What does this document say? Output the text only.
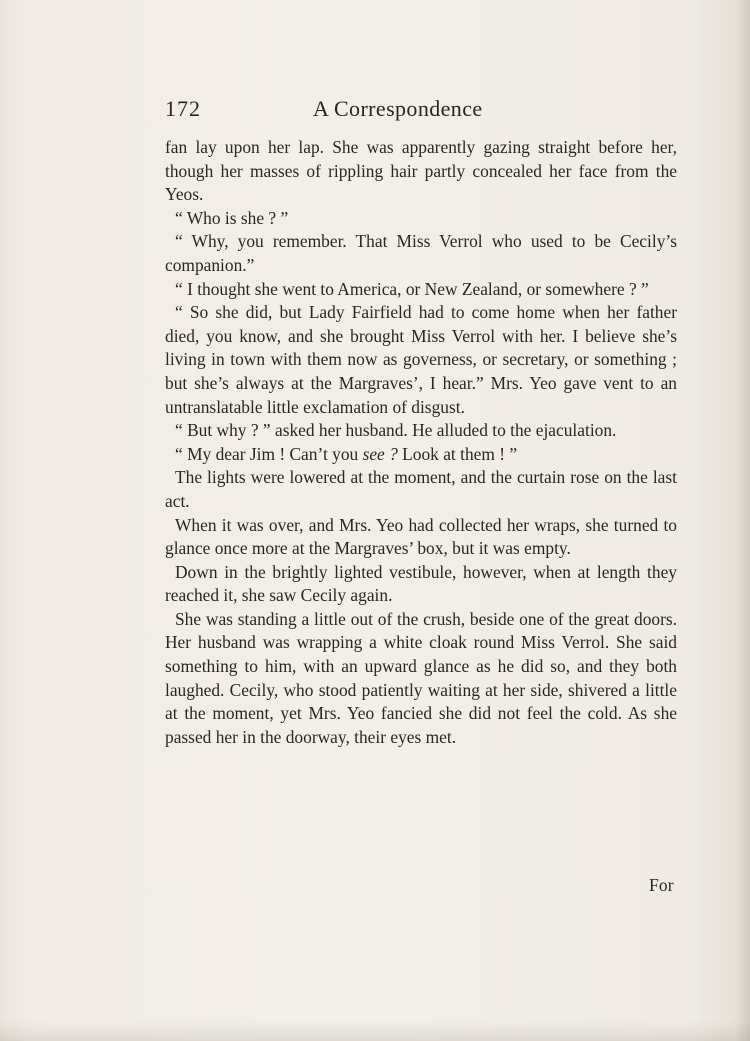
172	A Correspondence

fan lay upon her lap. She was apparently gazing straight before her, though her masses of rippling hair partly concealed her face from the Yeos.

“ Who is she ? ”

“ Why, you remember. That Miss Verrol who used to be Cecily’s companion.”

“ I thought she went to America, or New Zealand, or somewhere ? ”

“ So she did, but Lady Fairfield had to come home when her father died, you know, and she brought Miss Verrol with her. I believe she’s living in town with them now as governess, or secretary, or something ; but she’s always at the Margraves’, I hear.” Mrs. Yeo gave vent to an untranslatable little exclamation of disgust.

“ But why ? ” asked her husband. He alluded to the ejaculation.

“ My dear Jim ! Can’t you see ? Look at them ! ”

The lights were lowered at the moment, and the curtain rose on the last act.

When it was over, and Mrs. Yeo had collected her wraps, she turned to glance once more at the Margraves’ box, but it was empty.

Down in the brightly lighted vestibule, however, when at length they reached it, she saw Cecily again.

She was standing a little out of the crush, beside one of the great doors. Her husband was wrapping a white cloak round Miss Verrol. She said something to him, with an upward glance as he did so, and they both laughed. Cecily, who stood patiently waiting at her side, shivered a little at the moment, yet Mrs. Yeo fancied she did not feel the cold. As she passed her in the doorway, their eyes met.

For
